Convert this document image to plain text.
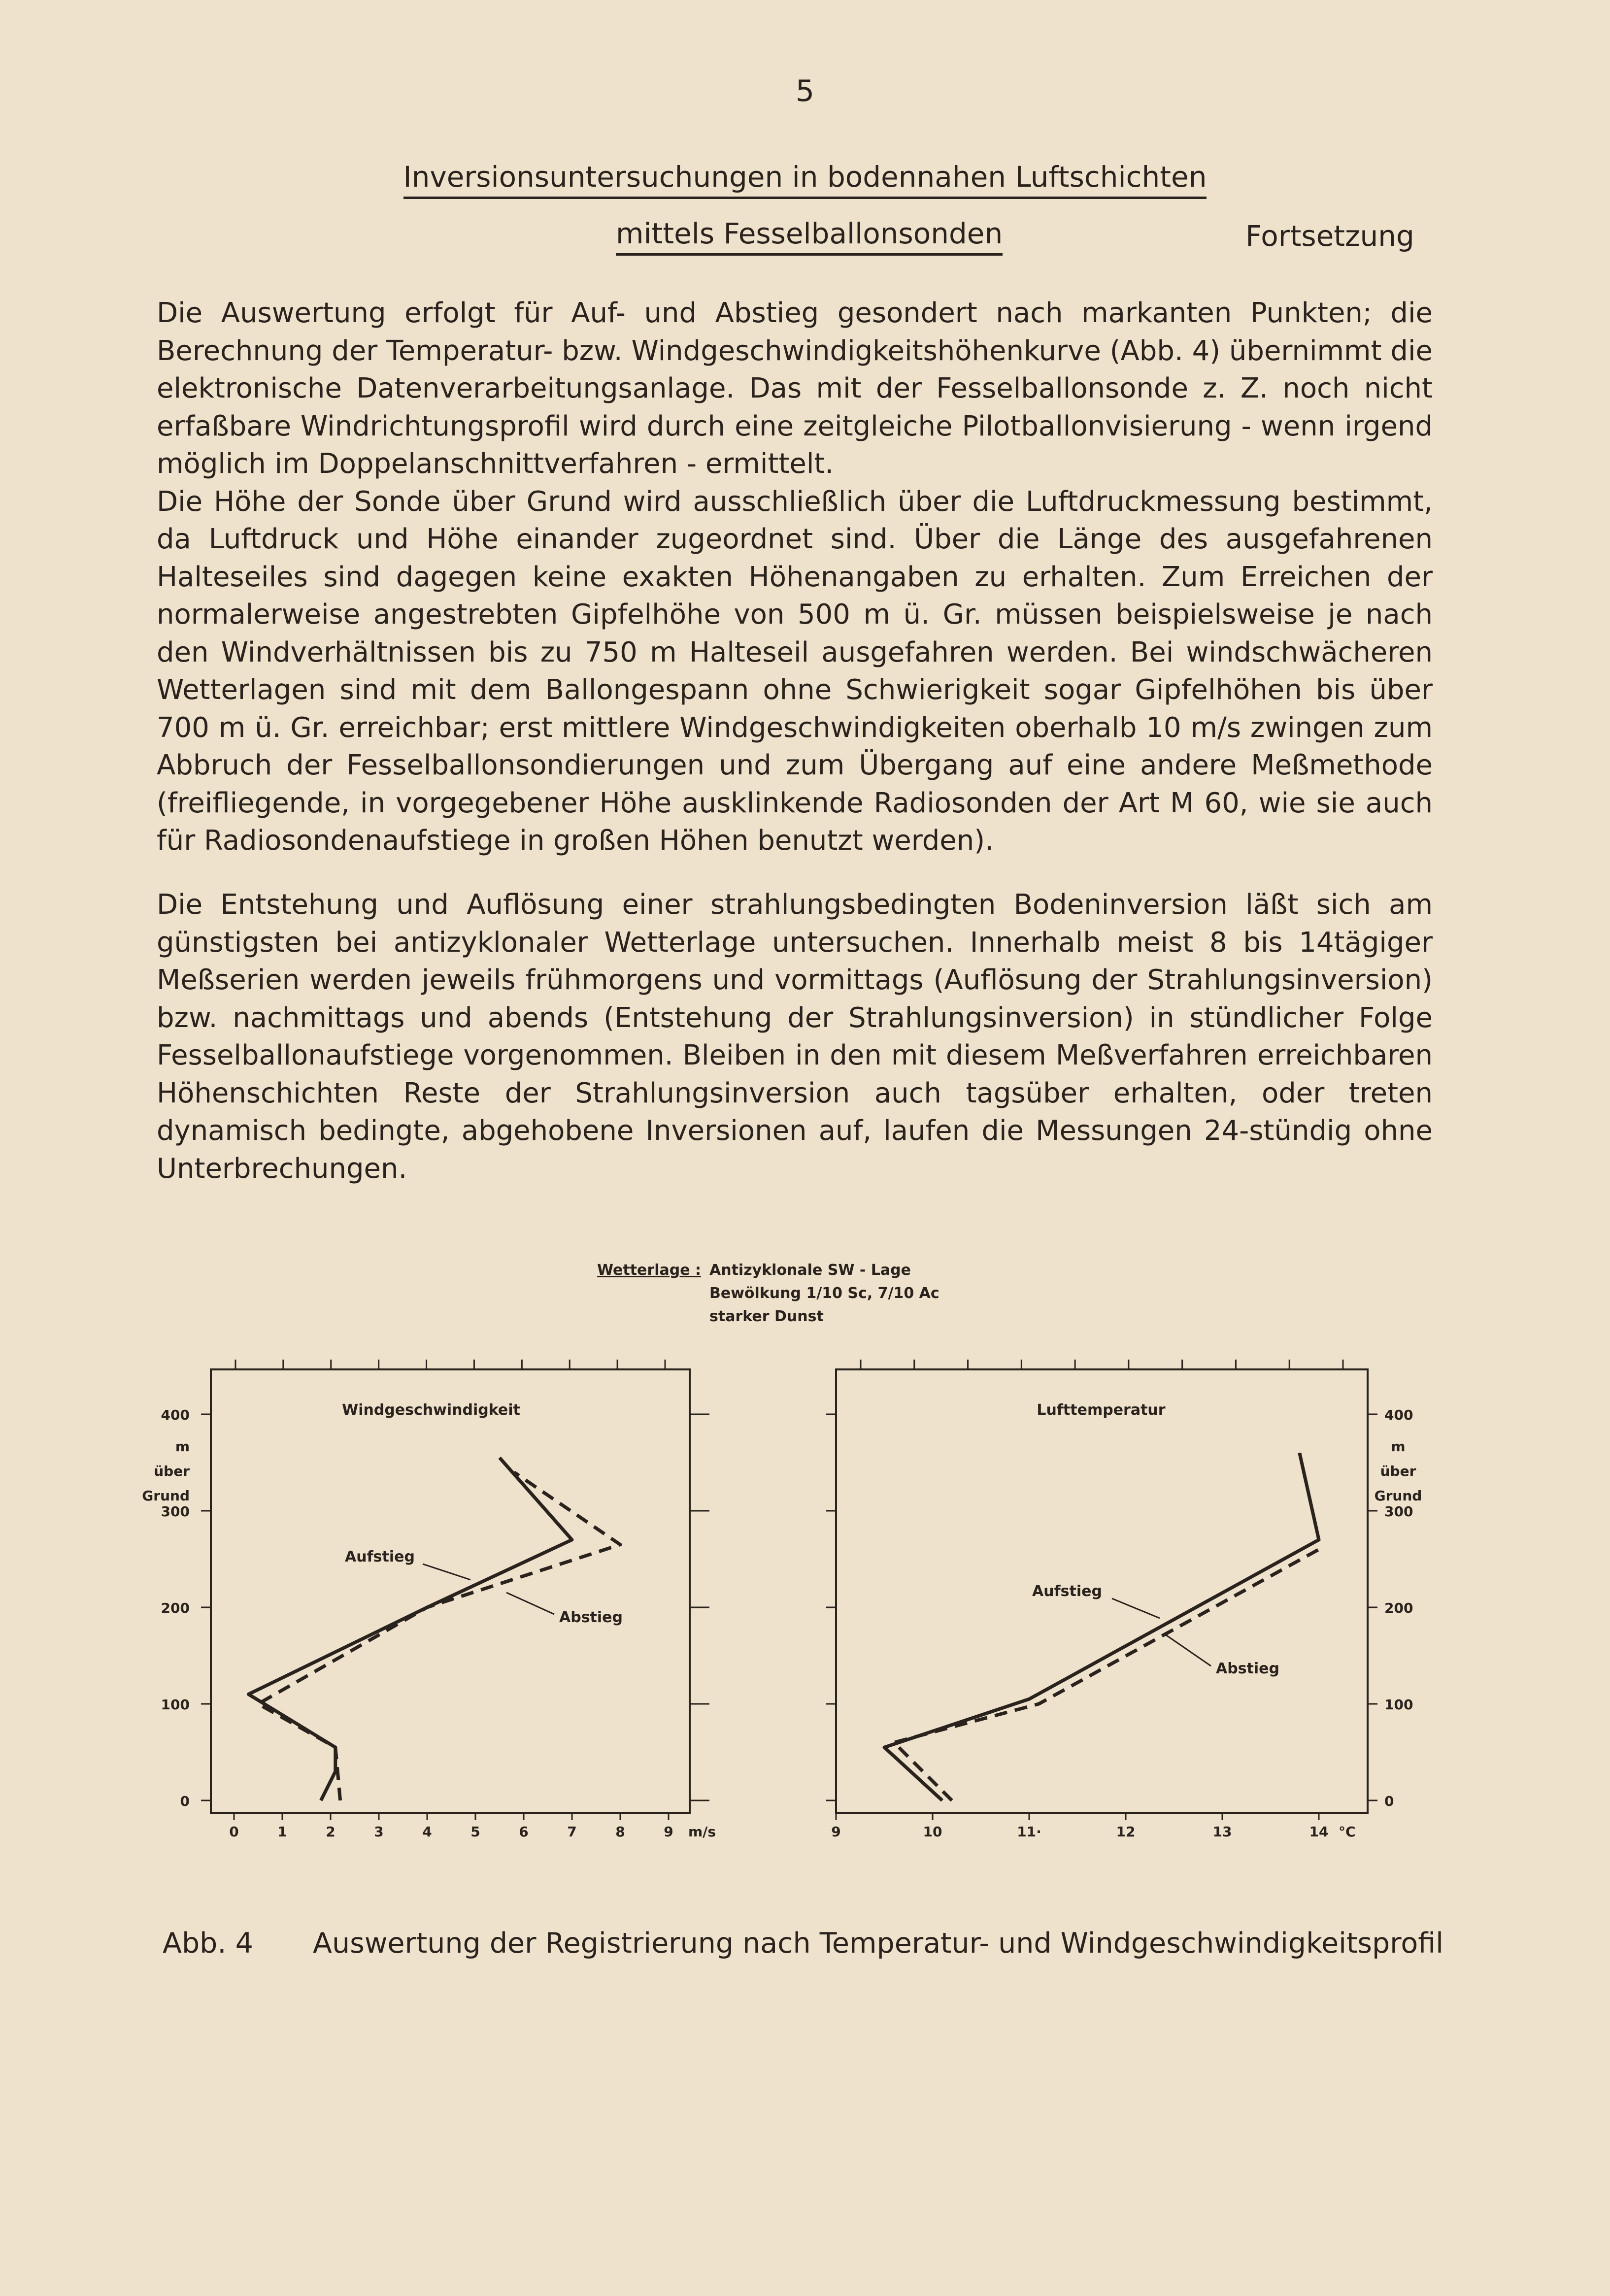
5
Inversionsuntersuchungen in bodennahen Luftschichten
mittels Fesselballonsonden	Fortsetzung
Die Auswertung erfolgt für Auf- und Abstieg gesondert nach markanten Punkten; die Berechnung der Temperatur- bzw. Windgeschwindigkeitshöhenkurve (Abb. 4) übernimmt die elektronische Datenverarbeitungsanlage. Das mit der Fesselballonsonde z. Z. noch nicht erfaßbare Windrichtungsprofil wird durch eine zeitgleiche Pilotballonvisierung - wenn irgend möglich im Doppelanschnittverfahren - ermittelt.
Die Höhe der Sonde über Grund wird ausschließlich über die Luftdruckmessung bestimmt, da Luftdruck und Höhe einander zugeordnet sind. Über die Länge des ausgefahrenen Halteseiles sind dagegen keine exakten Höhenangaben zu erhalten. Zum Erreichen der normalerweise angestrebten Gipfelhöhe von 500 m ü. Gr. müssen beispielsweise je nach den Windverhältnissen bis zu 750 m Halteseil ausgefahren werden. Bei windschwächeren Wetterlagen sind mit dem Ballongespann ohne Schwierigkeit sogar Gipfelhöhen bis über 700 m ü. Gr. erreichbar; erst mittlere Windgeschwindigkeiten oberhalb 10 m/s zwingen zum Abbruch der Fesselballonsondierungen und zum Übergang auf eine andere Meßmethode (freifliegende, in vorgegebener Höhe ausklinkende Radiosonden der Art M 60, wie sie auch für Radiosondenaufstiege in großen Höhen benutzt werden).

Die Entstehung und Auflösung einer strahlungsbedingten Bodeninversion läßt sich am günstigsten bei antizyklonaler Wetterlage untersuchen. Innerhalb meist 8 bis 14tägiger Meßserien werden jeweils frühmorgens und vormittags (Auflösung der Strahlungsinversion) bzw. nachmittags und abends (Entstehung der Strahlungsinversion) in stündlicher Folge Fesselballonaufstiege vorgenommen. Bleiben in den mit diesem Meßverfahren erreichbaren Höhenschichten Reste der Strahlungsinversion auch tagsüber erhalten, oder treten dynamisch bedingte, abgehobene Inversionen auf, laufen die Messungen 24-stündig ohne Unterbrechungen.

Wetterlage : Antizyklonale SW - Lage
Bewölkung 1/10 Sc, 7/10 Ac
starker Dunst
0
100
200
300
400
m
über
Grund
0	1	2	3	4	5	6	7	8	9 m/s
Windgeschwindigkeit
Aufstieg
Abstieg
0
100
200
300
400
m
über
Grund
9	10	11·	12	13	14 °C
Lufttemperatur
Aufstieg
Abstieg
Abb. 4 Auswertung der Registrierung nach Temperatur- und Windgeschwindigkeitsprofil
